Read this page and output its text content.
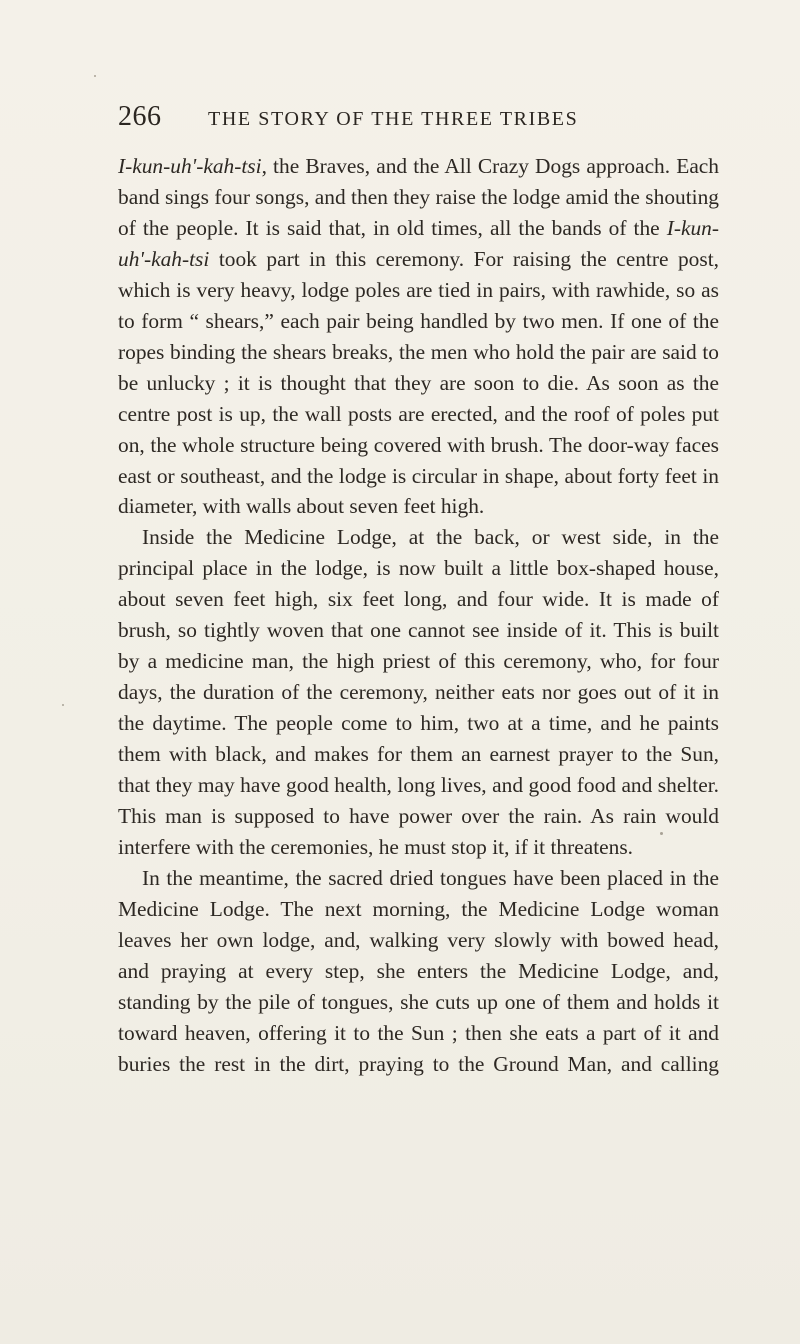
266 THE STORY OF THE THREE TRIBES

I-kun-uh'-kah-tsi, the Braves, and the All Crazy Dogs approach. Each band sings four songs, and then they raise the lodge amid the shouting of the people. It is said that, in old times, all the bands of the I-kun-uh'-kah-tsi took part in this ceremony. For raising the centre post, which is very heavy, lodge poles are tied in pairs, with rawhide, so as to form “ shears,” each pair being handled by two men. If one of the ropes binding the shears breaks, the men who hold the pair are said to be unlucky ; it is thought that they are soon to die. As soon as the centre post is up, the wall posts are erected, and the roof of poles put on, the whole structure being covered with brush. The door-way faces east or southeast, and the lodge is circular in shape, about forty feet in diameter, with walls about seven feet high.

Inside the Medicine Lodge, at the back, or west side, in the principal place in the lodge, is now built a little box-shaped house, about seven feet high, six feet long, and four wide. It is made of brush, so tightly woven that one cannot see inside of it. This is built by a medicine man, the high priest of this ceremony, who, for four days, the duration of the ceremony, neither eats nor goes out of it in the daytime. The people come to him, two at a time, and he paints them with black, and makes for them an earnest prayer to the Sun, that they may have good health, long lives, and good food and shelter. This man is supposed to have power over the rain. As rain would interfere with the ceremonies, he must stop it, if it threatens.

In the meantime, the sacred dried tongues have been placed in the Medicine Lodge. The next morning, the Medicine Lodge woman leaves her own lodge, and, walking very slowly with bowed head, and praying at every step, she enters the Medicine Lodge, and, standing by the pile of tongues, she cuts up one of them and holds it toward heaven, offering it to the Sun ; then she eats a part of it and buries the rest in the dirt, praying to the Ground Man, and calling
